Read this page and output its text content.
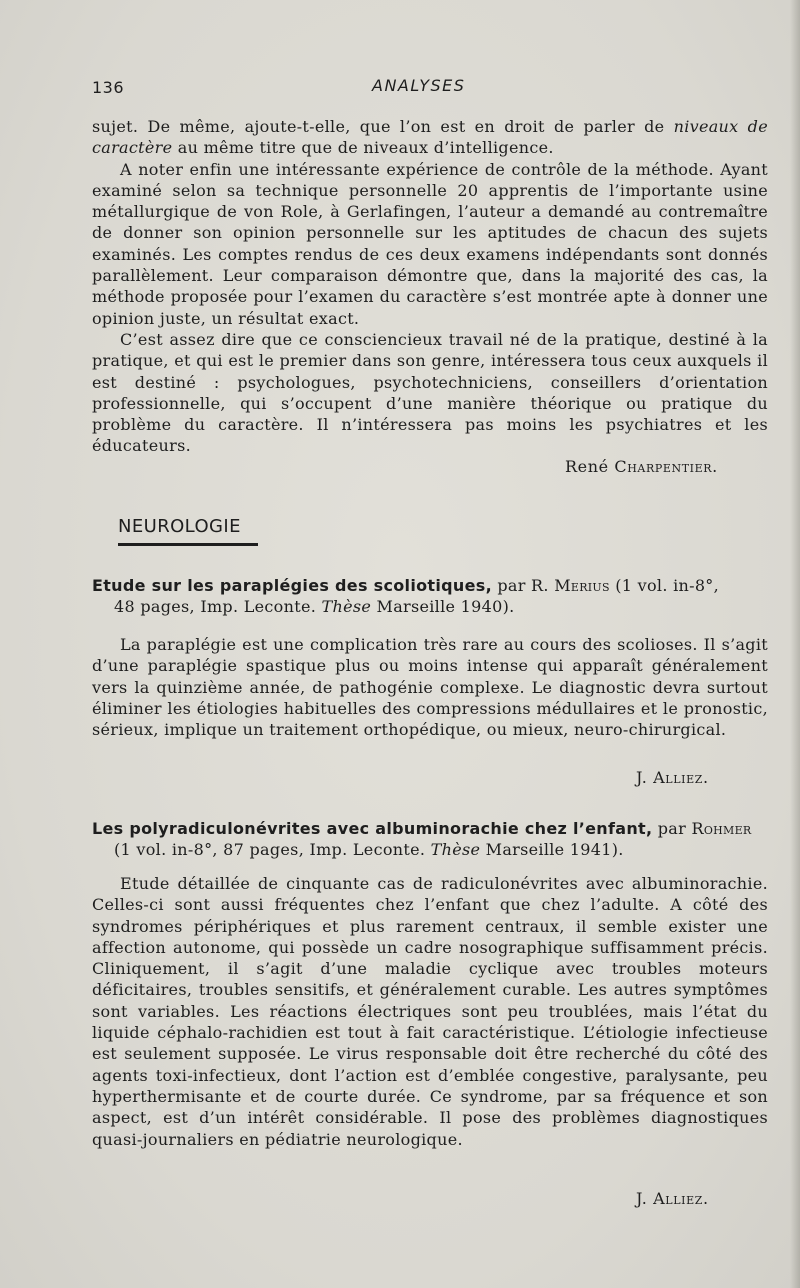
136	ANALYSES

sujet. De même, ajoute-t-elle, que l’on est en droit de parler de niveaux de caractère au même titre que de niveaux d’intelligence.

A noter enfin une intéressante expérience de contrôle de la méthode. Ayant examiné selon sa technique personnelle 20 apprentis de l’importante usine métallurgique de von Role, à Gerlafingen, l’auteur a demandé au contremaître de donner son opinion personnelle sur les aptitudes de chacun des sujets examinés. Les comptes rendus de ces deux examens indépendants sont donnés parallèlement. Leur comparaison démontre que, dans la majorité des cas, la méthode proposée pour l’examen du caractère s’est montrée apte à donner une opinion juste, un résultat exact.

C’est assez dire que ce consciencieux travail né de la pratique, destiné à la pratique, et qui est le premier dans son genre, intéressera tous ceux auxquels il est destiné : psychologues, psychotechniciens, conseillers d’orientation professionnelle, qui s’occupent d’une manière théorique ou pratique du problème du caractère. Il n’intéressera pas moins les psychiatres et les éducateurs.

René Charpentier.
NEUROLOGIE
Etude sur les paraplégies des scoliotiques, par R. Merius (1 vol. in-8°,
48 pages, Imp. Leconte. Thèse Marseille 1940).

La paraplégie est une complication très rare au cours des scolioses. Il s’agit d’une paraplégie spastique plus ou moins intense qui apparaît généralement vers la quinzième année, de pathogénie complexe. Le diagnostic devra surtout éliminer les étiologies habituelles des compressions médullaires et le pronostic, sérieux, implique un traitement orthopédique, ou mieux, neuro-chirurgical.

J. Alliez.
Les polyradiculonévrites avec albuminorachie chez l’enfant, par Rohmer
(1 vol. in-8°, 87 pages, Imp. Leconte. Thèse Marseille 1941).

Etude détaillée de cinquante cas de radiculonévrites avec albuminorachie. Celles-ci sont aussi fréquentes chez l’enfant que chez l’adulte. A côté des syndromes périphériques et plus rarement centraux, il semble exister une affection autonome, qui possède un cadre nosographique suffisamment précis. Cliniquement, il s’agit d’une maladie cyclique avec troubles moteurs déficitaires, troubles sensitifs, et généralement curable. Les autres symptômes sont variables. Les réactions électriques sont peu troublées, mais l’état du liquide céphalo-rachidien est tout à fait caractéristique. L’étiologie infectieuse est seulement supposée. Le virus responsable doit être recherché du côté des agents toxi-infectieux, dont l’action est d’emblée congestive, paralysante, peu hyperthermisante et de courte durée. Ce syndrome, par sa fréquence et son aspect, est d’un intérêt considérable. Il pose des problèmes diagnostiques quasi-journaliers en pédiatrie neurologique.

J. Alliez.
